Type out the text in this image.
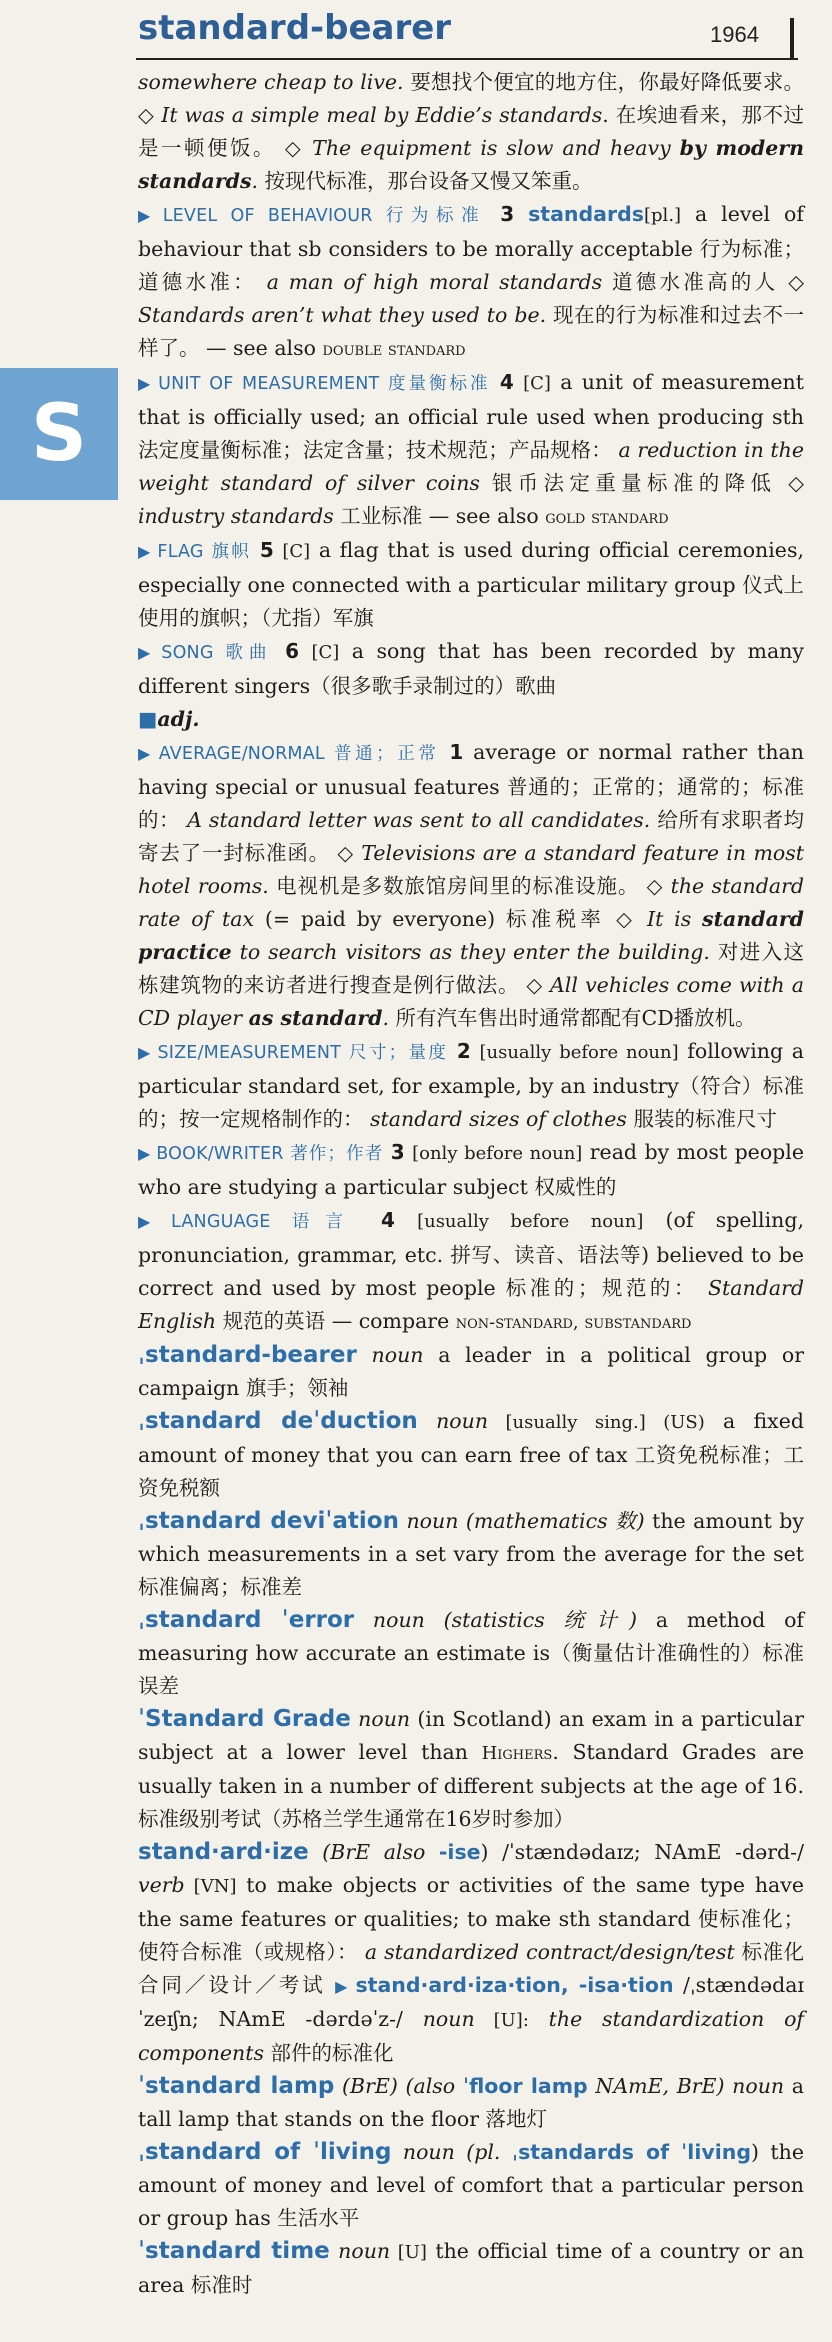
standard-bearer	1964
S

somewhere cheap to live. 要想找个便宜的地方住，你最好降低要求。 ◇ It was a simple meal by Eddie’s standards. 在埃迪看来，那不过是一顿便饭。 ◇ The equipment is slow and heavy by modern standards. 按现代标准，那台设备又慢又笨重。

▶ LEVEL OF BEHAVIOUR 行为标准 3 standards[pl.] a level of behaviour that sb considers to be morally acceptable 行为标准；道德水准： a man of high moral standards 道德水准高的人 ◇ Standards aren’t what they used to be. 现在的行为标准和过去不一样了。 — see also double standard

▶ UNIT OF MEASUREMENT 度量衡标准 4 [C] a unit of measurement that is officially used; an official rule used when producing sth 法定度量衡标准；法定含量；技术规范；产品规格： a reduction in the weight standard of silver coins 银币法定重量标准的降低 ◇ industry standards 工业标准 — see also gold standard

▶ FLAG 旗帜 5 [C] a flag that is used during official ceremonies, especially one connected with a particular military group 仪式上使用的旗帜；（尤指）军旗

▶ SONG 歌曲 6 [C] a song that has been recorded by many different singers（很多歌手录制过的）歌曲

■adj.

▶ AVERAGE/NORMAL 普通；正常 1 average or normal rather than having special or unusual features 普通的；正常的；通常的；标准的： A standard letter was sent to all candidates. 给所有求职者均寄去了一封标准函。 ◇ Televisions are a standard feature in most hotel rooms. 电视机是多数旅馆房间里的标准设施。 ◇ the standard rate of tax (= paid by everyone) 标准税率 ◇ It is standard practice to search visitors as they enter the building. 对进入这栋建筑物的来访者进行搜查是例行做法。 ◇ All vehicles come with a CD player as standard. 所有汽车售出时通常都配有CD播放机。

▶ SIZE/MEASUREMENT 尺寸；量度 2 [usually before noun] following a particular standard set, for example, by an industry（符合）标准的；按一定规格制作的： standard sizes of clothes 服装的标准尺寸

▶ BOOK/WRITER 著作；作者 3 [only before noun] read by most people who are studying a particular subject 权威性的

▶ LANGUAGE 语言 4 [usually before noun] (of spelling, pronunciation, grammar, etc. 拼写、读音、语法等) believed to be correct and used by most people 标准的；规范的： Standard English 规范的英语 — compare non-standard, substandard

ˌstandard-bearer noun a leader in a political group or campaign 旗手；领袖

ˌstandard deˈduction noun [usually sing.] (US) a fixed amount of money that you can earn free of tax 工资免税标准；工资免税额

ˌstandard deviˈation noun (mathematics 数) the amount by which measurements in a set vary from the average for the set 标准偏离；标准差

ˌstandard ˈerror noun (statistics 统计) a method of measuring how accurate an estimate is（衡量估计准确性的）标准误差

ˈStandard Grade noun (in Scotland) an exam in a particular subject at a lower level than Highers. Standard Grades are usually taken in a number of different subjects at the age of 16. 标准级别考试（苏格兰学生通常在16岁时参加）

stand·ard·ize (BrE also -ise) /ˈstændədaɪz; NAmE -dərd-/ verb [VN] to make objects or activities of the same type have the same features or qualities; to make sth standard 使标准化；使符合标准（或规格）： a standardized contract/design/test 标准化合同／设计／考试 ▶ stand·ard·iza·tion, -isa·tion /ˌstændədaɪˈzeɪʃn; NAmE -dərdəˈz-/ noun [U]: the standardization of components 部件的标准化

ˈstandard lamp (BrE) (also ˈfloor lamp NAmE, BrE) noun a tall lamp that stands on the floor 落地灯

ˌstandard of ˈliving noun (pl. ˌstandards of ˈliving) the amount of money and level of comfort that a particular person or group has 生活水平

ˈstandard time noun [U] the official time of a country or an area 标准时
